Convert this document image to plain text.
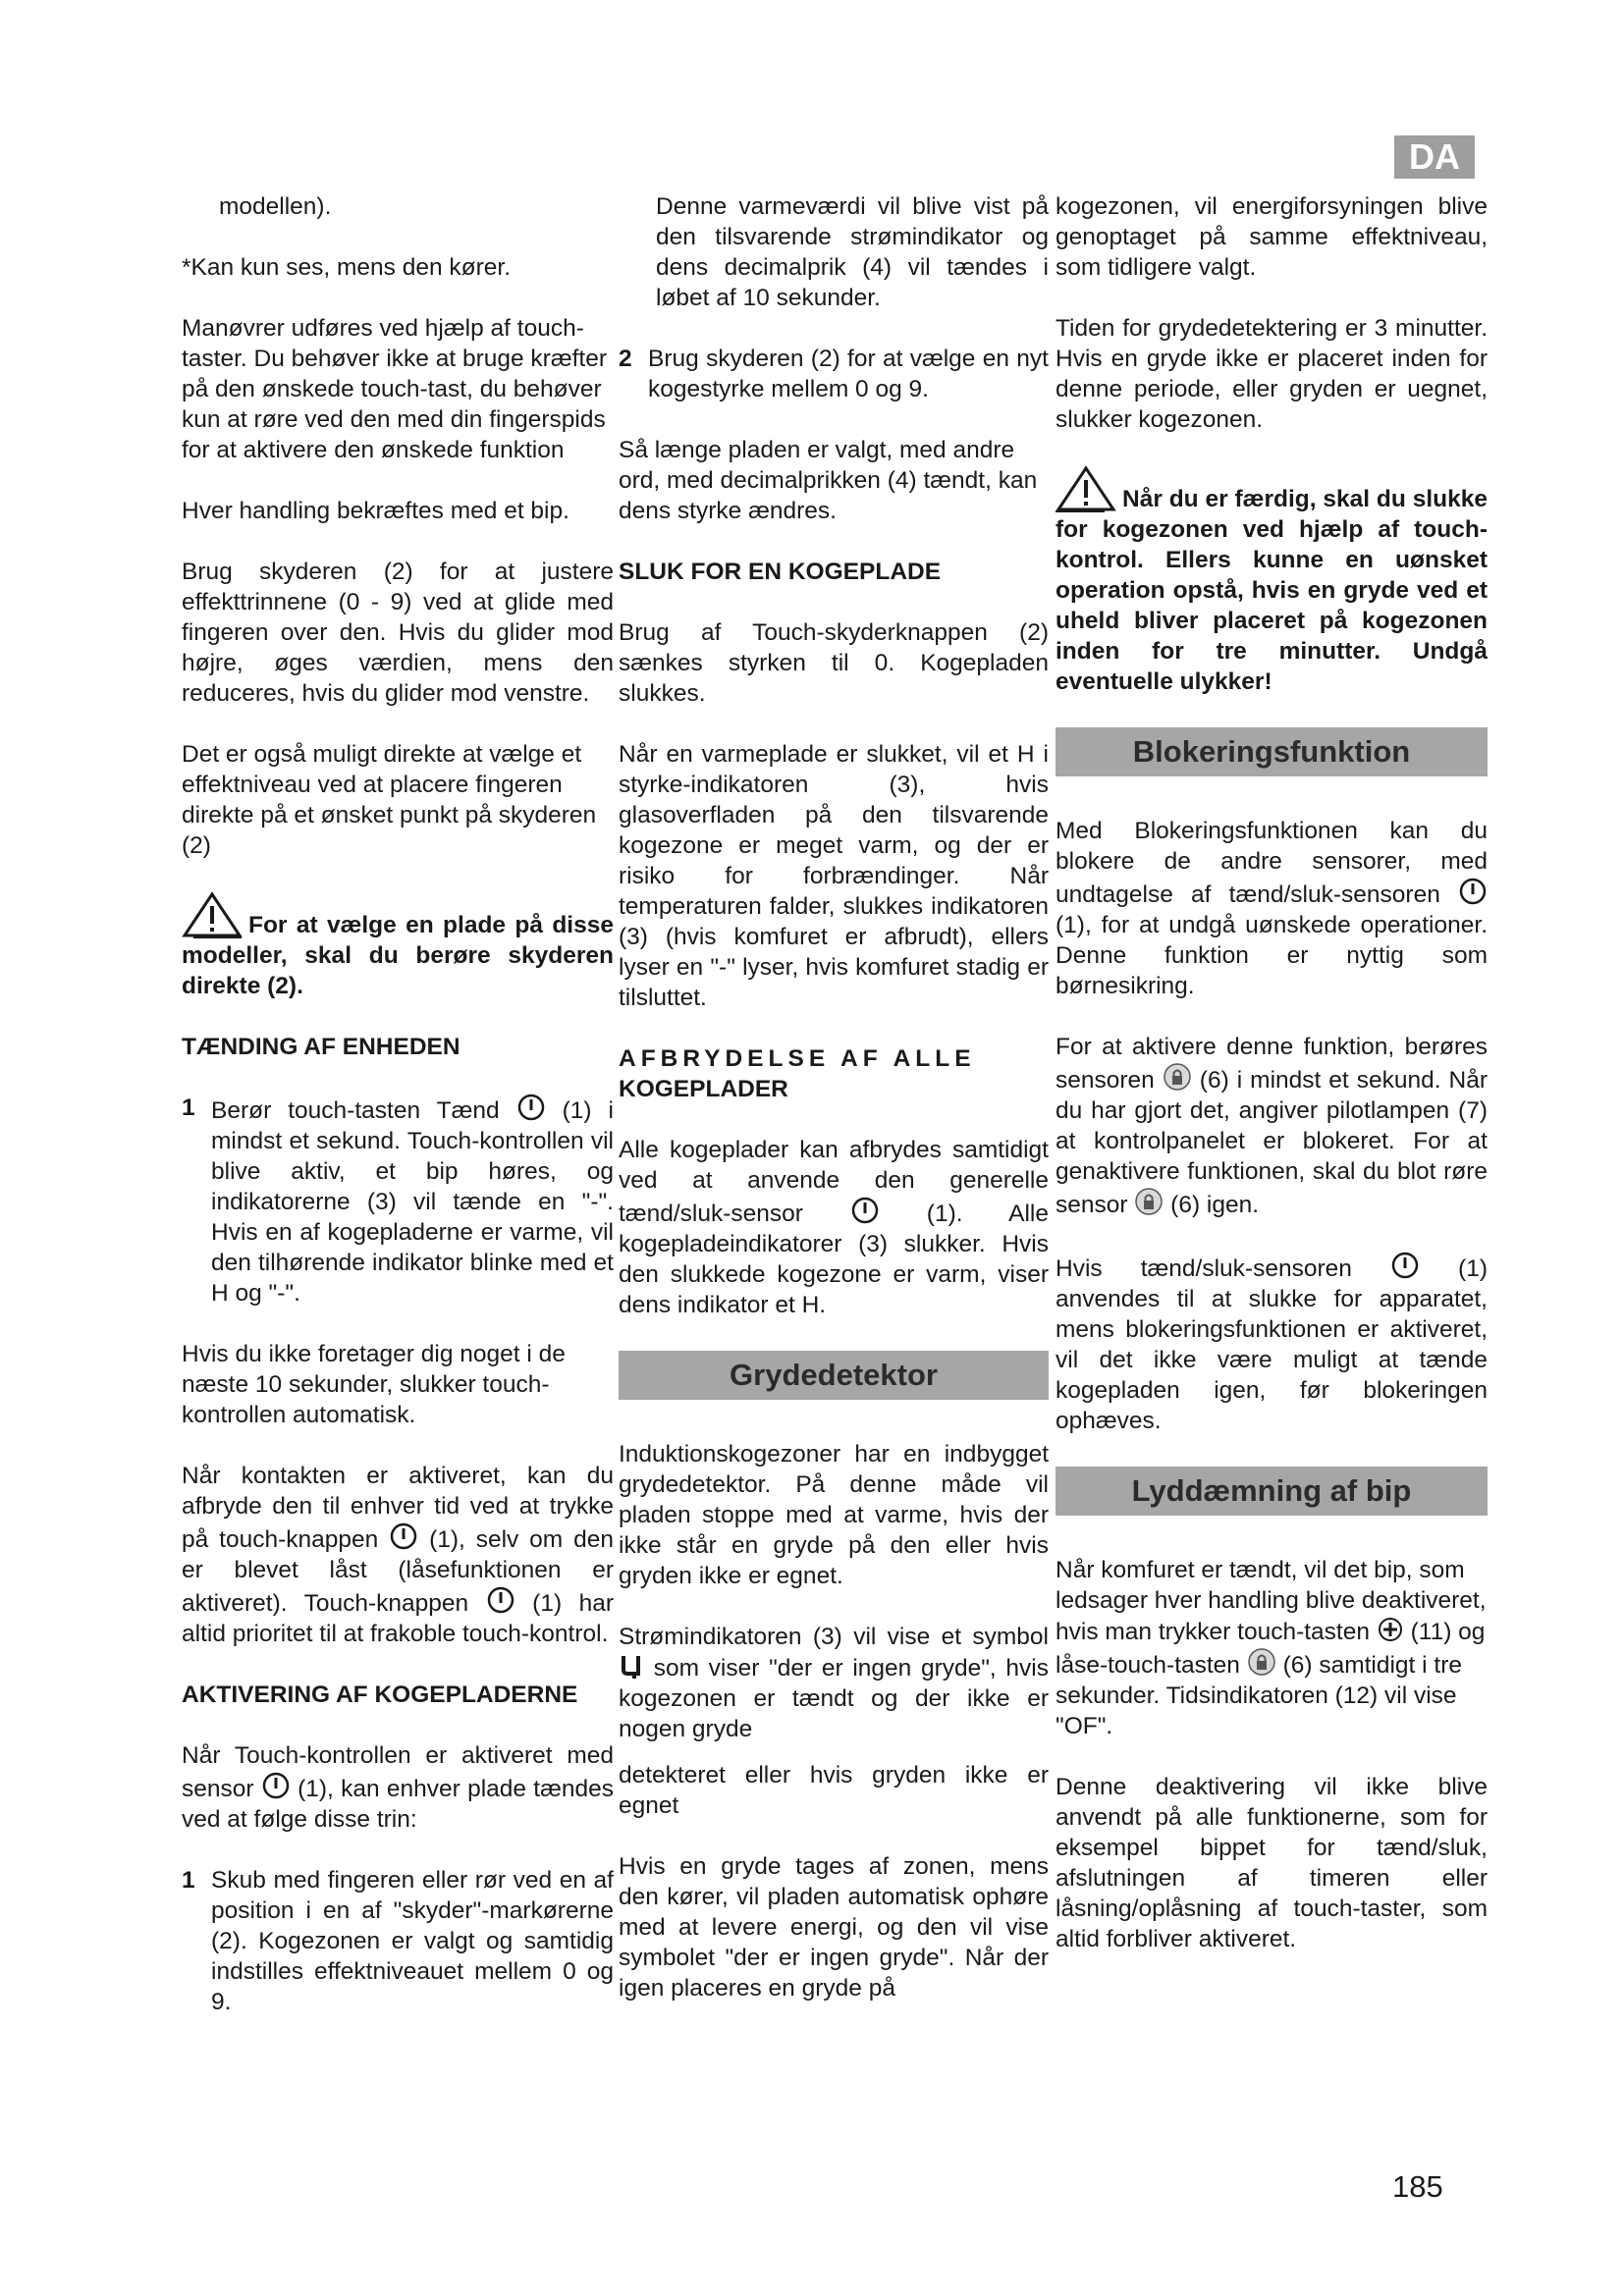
DA

modellen).

*Kan kun ses, mens den kører.

Manøvrer udføres ved hjælp af touch-taster. Du behøver ikke at bruge kræfter på den ønskede touch-tast, du behøver kun at røre ved den med din fingerspids for at aktivere den ønskede funktion

Hver handling bekræftes med et bip.

Brug skyderen (2) for at justere effekttrinnene (0 - 9) ved at glide med fingeren over den. Hvis du glider mod højre, øges værdien, mens den reduceres, hvis du glider mod venstre.

Det er også muligt direkte at vælge et effektniveau ved at placere fingeren direkte på et ønsket punkt på skyderen (2)

For at vælge en plade på disse modeller, skal du berøre skyderen direkte (2).
TÆNDING AF ENHEDEN
1 Berør touch-tasten Tænd	(1) i mindst et sekund. Touch-kontrollen vil blive aktiv, et bip høres, og indikatorerne (3) vil tænde en "-". Hvis en af kogepladerne er varme, vil den tilhørende indikator blinke med et H og "-".

Hvis du ikke foretager dig noget i de næste 10 sekunder, slukker touch-kontrollen automatisk.

Når kontakten er aktiveret, kan du afbryde den til enhver tid ved at trykke på touch-knappen (1), selv om den er blevet låst (låsefunktionen er aktiveret). Touch-knappen	(1) har altid prioritet til at frakoble touch-kontrol.

AKTIVERING AF KOGEPLADERNE

Når Touch-kontrollen er aktiveret med sensor (1), kan enhver plade tændes ved at følge disse trin:

1 Skub med fingeren eller rør ved en af position i en af "skyder"-markørerne (2). Kogezonen er valgt og samtidig indstilles effektniveauet mellem 0 og 9.

Denne varmeværdi vil blive vist på den tilsvarende strømindikator og dens decimalprik (4) vil tændes i løbet af 10 sekunder.

2 Brug skyderen (2) for at vælge en nyt kogestyrke mellem 0 og 9.

Så længe pladen er valgt, med andre ord, med decimalprikken (4) tændt, kan dens styrke ændres.

SLUK FOR EN KOGEPLADE

Brug af Touch-skyderknappen (2) sænkes styrken til 0. Kogepladen slukkes.

Når en varmeplade er slukket, vil et H i styrke-indikatoren (3), hvis glasoverfladen på den tilsvarende kogezone er meget varm, og der er risiko for forbrændinger. Når temperaturen falder, slukkes indikatoren (3) (hvis komfuret er afbrudt), ellers lyser en "-" lyser, hvis komfuret stadig er tilsluttet.

AFBRYDELSE AF ALLE
KOGEPLADER

Alle kogeplader kan afbrydes samtidigt ved at anvende den generelle tænd/sluk-sensor	(1). Alle kogepladeindikatorer (3) slukker. Hvis den slukkede kogezone er varm, viser dens indikator et H.

Grydedetektor

Induktionskogezoner har en indbygget grydedetektor. På denne måde vil pladen stoppe med at varme, hvis der ikke står en gryde på den eller hvis gryden ikke er egnet.

Strømindikatoren (3) vil vise et symbol
som viser "der er ingen gryde", hvis kogezonen er tændt og der ikke er nogen gryde

detekteret eller hvis gryden ikke er egnet

Hvis en gryde tages af zonen, mens den kører, vil pladen automatisk ophøre med at levere energi, og den vil vise symbolet "der er ingen gryde". Når der igen placeres en gryde på

kogezonen, vil energiforsyningen blive genoptaget på samme effektniveau, som tidligere valgt.

Tiden for grydedetektering er 3 minutter. Hvis en gryde ikke er placeret inden for denne periode, eller gryden er uegnet, slukker kogezonen.

Når du er færdig, skal du slukke for kogezonen ved hjælp af touch-kontrol. Ellers kunne en uønsket operation opstå, hvis en gryde ved et uheld bliver placeret på kogezonen inden for tre minutter. Undgå eventuelle ulykker!
Blokeringsfunktion

Med Blokeringsfunktionen kan du blokere de andre sensorer, med undtagelse af tænd/sluk-sensoren
(1), for at undgå uønskede operationer. Denne funktion er nyttig som børnesikring.

For at aktivere denne funktion, berøres sensoren (6) i mindst et sekund. Når du har gjort det, angiver pilotlampen (7) at kontrolpanelet er blokeret. For at genaktivere funktionen, skal du blot røre sensor (6) igen.

Hvis tænd/sluk-sensoren	(1) anvendes til at slukke for apparatet, mens blokeringsfunktionen er aktiveret, vil det ikke være muligt at tænde kogepladen igen, før blokeringen ophæves.

Lyddæmning af bip

Når komfuret er tændt, vil det bip, som ledsager hver handling blive deaktiveret, hvis man trykker touch-tasten (11) og låse-touch-tasten (6) samtidigt i tre sekunder. Tidsindikatoren (12) vil vise "OF".

Denne deaktivering vil ikke blive anvendt på alle funktionerne, som for eksempel bippet for tænd/sluk, afslutningen af timeren eller låsning/oplåsning af touch-taster, som altid forbliver aktiveret.

185
